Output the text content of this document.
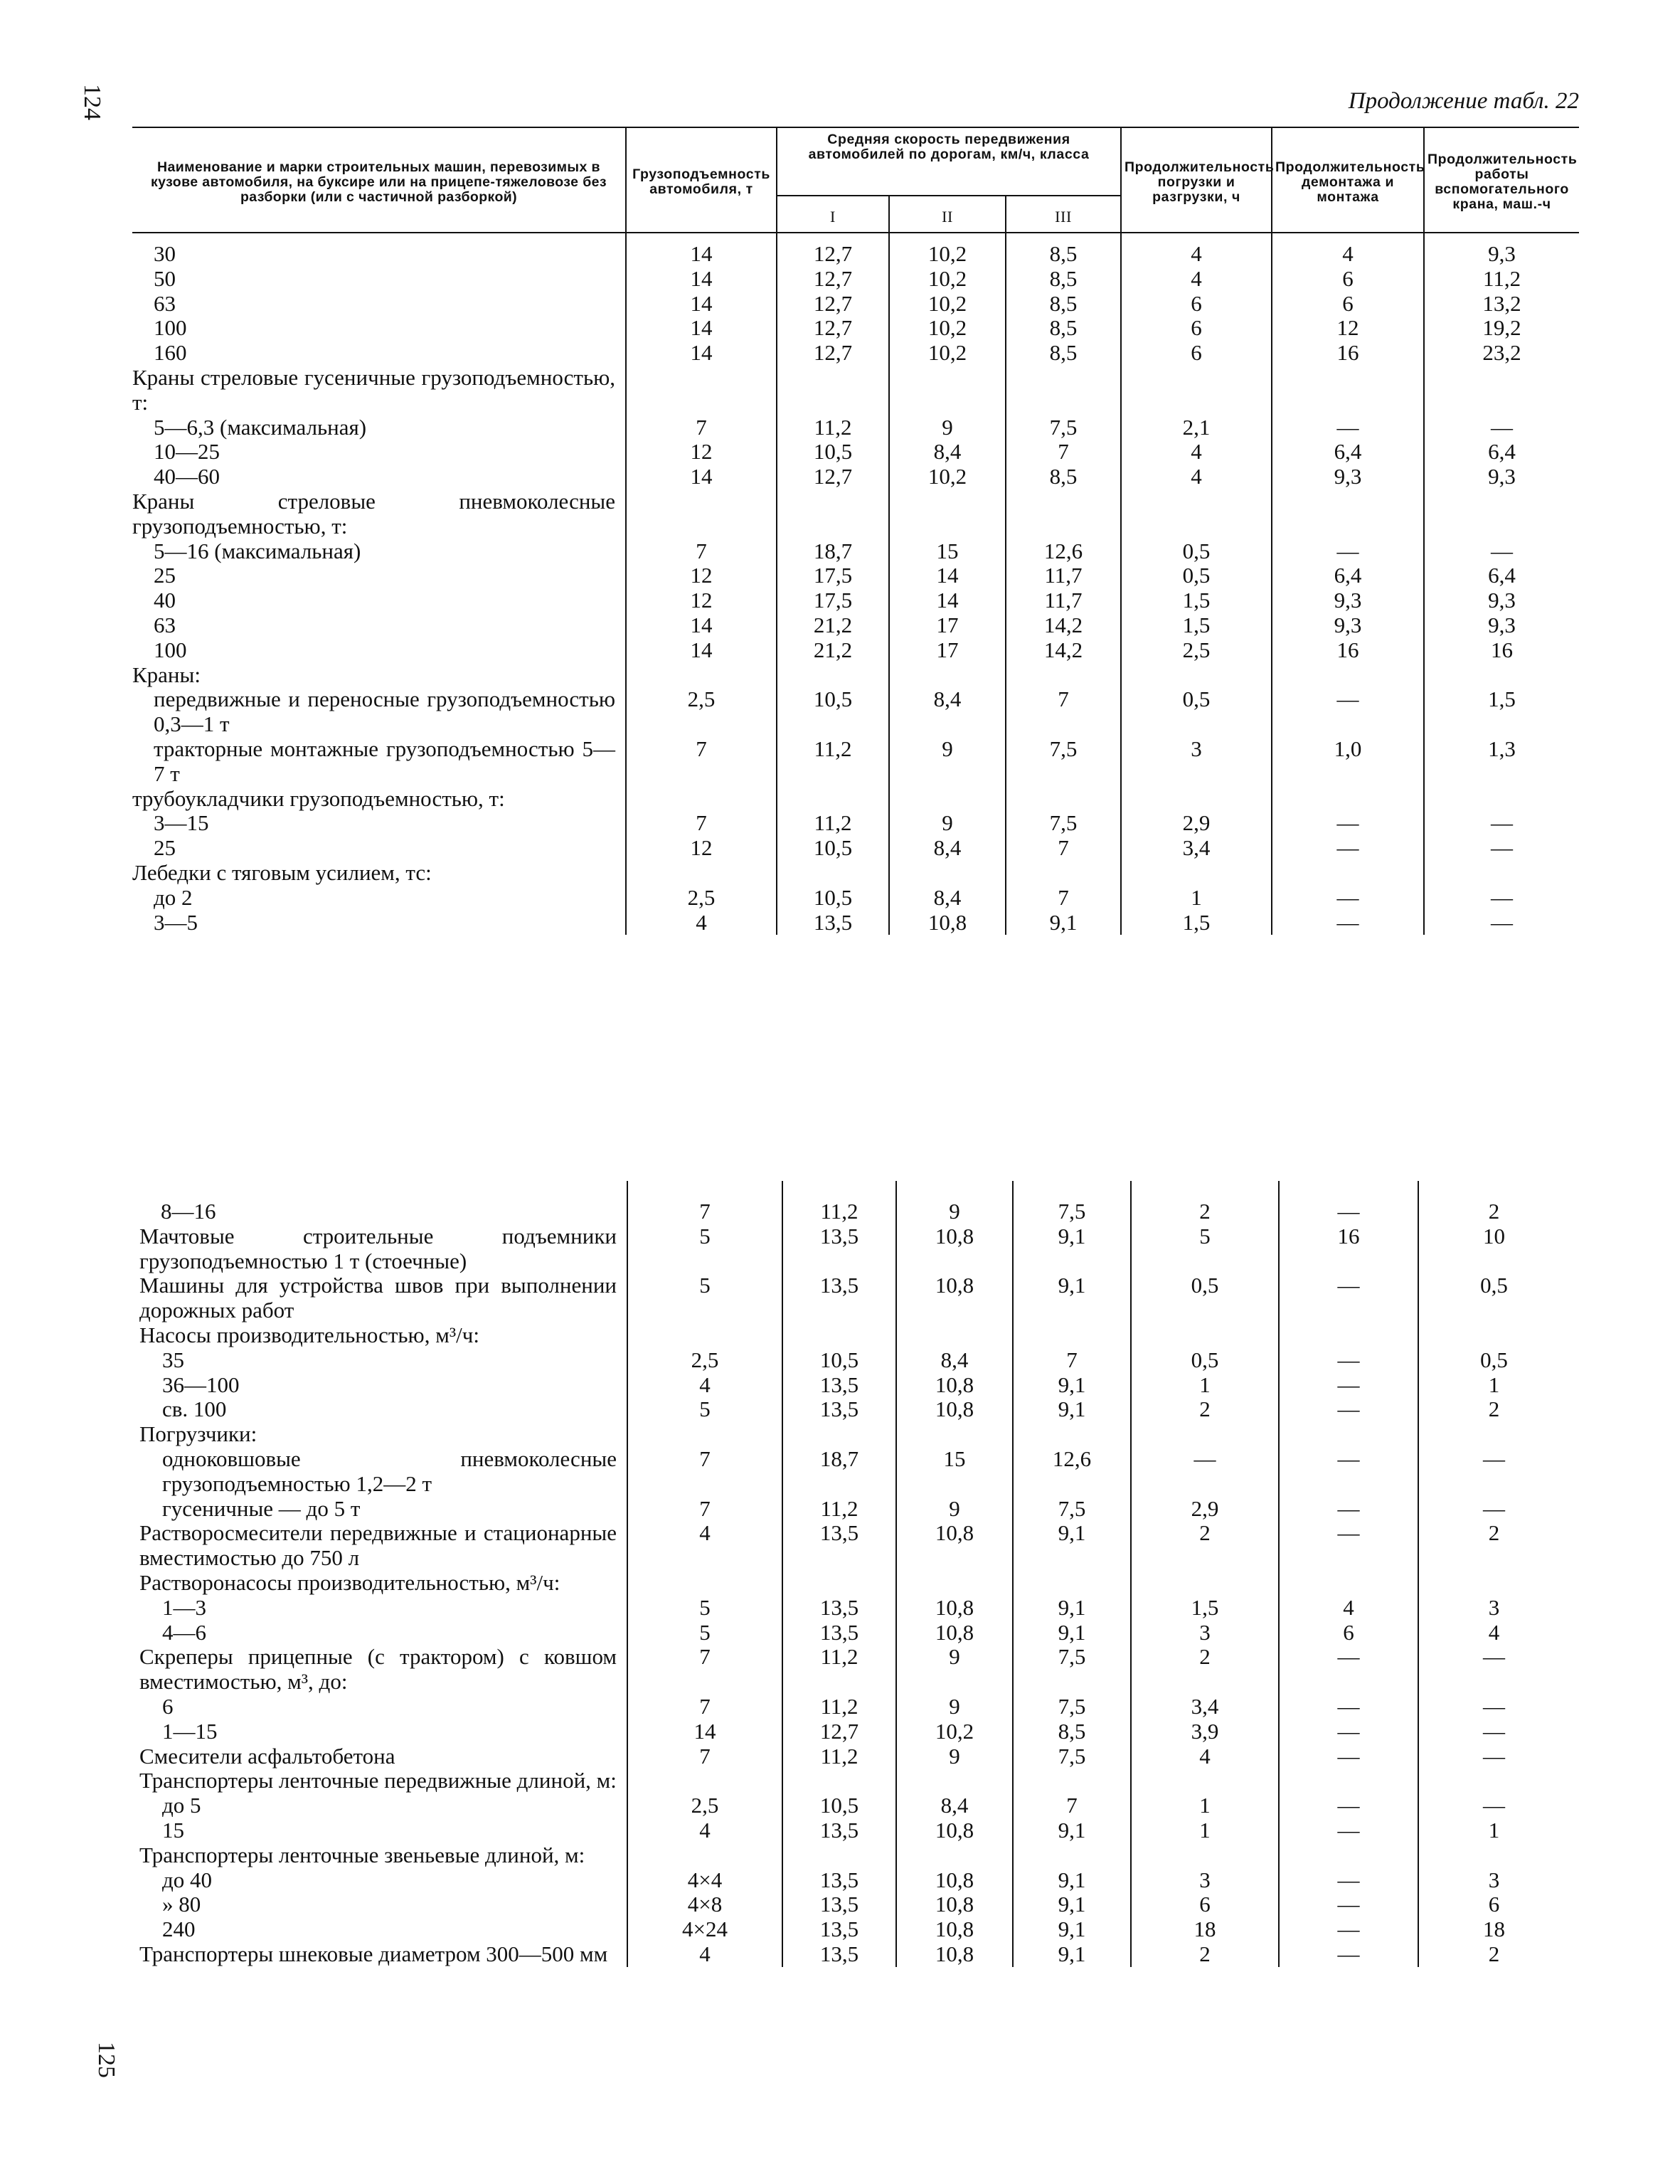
124	Продолжение табл. 22
Наименование и марки строительных машин, перевозимых в кузове автомобиля, на буксире или на прицепе-тяжеловозе без разборки (или с частичной разборкой)	Грузоподъемность автомобиля, т	Средняя скорость передвижения автомобилей по дорогам, км/ч, класса			Продолжительность погрузки и разгрузки, ч	Продолжительность демонтажа и монтажа	Продолжительность работы вспомогательного крана, маш.-ч
		I	II	III			

30	14	12,7	10,2	8,5	4	4	9,3

50	14	12,7	10,2	8,5	4	6	11,2

63	14	12,7	10,2	8,5	6	6	13,2

100	14	12,7	10,2	8,5	6	12	19,2

160	14	12,7	10,2	8,5	6	16	23,2

Краны стреловые гусеничные грузоподъемностью, т:							

5—6,3 (максимальная)	7	11,2	9	7,5	2,1	—	—

10—25	12	10,5	8,4	7	4	6,4	6,4

40—60	14	12,7	10,2	8,5	4	9,3	9,3

Краны стреловые пневмоколесные грузоподъемностью, т:							

5—16 (максимальная)	7	18,7	15	12,6	0,5	—	—

25	12	17,5	14	11,7	0,5	6,4	6,4

40	12	17,5	14	11,7	1,5	9,3	9,3

63	14	21,2	17	14,2	1,5	9,3	9,3

100	14	21,2	17	14,2	2,5	16	16

Краны:							

передвижные и переносные грузоподъемностью 0,3—1 т	2,5	10,5	8,4	7	0,5	—	1,5

тракторные монтажные грузоподъемностью 5—7 т	7	11,2	9	7,5	3	1,0	1,3

трубоукладчики грузоподъемностью, т:							

3—15	7	11,2	9	7,5	2,9	—	—

25	12	10,5	8,4	7	3,4	—	—

Лебедки с тяговым усилием, тс:							

до 2	2,5	10,5	8,4	7	1	—	—

3—5	4	13,5	10,8	9,1	1,5	—	—
8—16	7	11,2	9	7,5	2	—	2

Мачтовые строительные подъемники грузоподъемностью 1 т (стоечные)	5	13,5	10,8	9,1	5	16	10

Машины для устройства швов при выполнении дорожных работ	5	13,5	10,8	9,1	0,5	—	0,5

Насосы производительностью, м³/ч:							

35	2,5	10,5	8,4	7	0,5	—	0,5

36—100	4	13,5	10,8	9,1	1	—	1

св. 100	5	13,5	10,8	9,1	2	—	2

Погрузчики:							

одноковшовые пневмоколесные грузоподъемностью 1,2—2 т	7	18,7	15	12,6	—	—	—

гусеничные — до 5 т	7	11,2	9	7,5	2,9	—	—

Растворосмесители передвижные и стационарные вместимостью до 750 л	4	13,5	10,8	9,1	2	—	2

Растворонасосы производительностью, м³/ч:							

1—3	5	13,5	10,8	9,1	1,5	4	3

4—6	5	13,5	10,8	9,1	3	6	4

Скреперы прицепные (с трактором) с ковшом вместимостью, м³, до:	7	11,2	9	7,5	2	—	—

6	7	11,2	9	7,5	3,4	—	—

1—15	14	12,7	10,2	8,5	3,9	—	—

Смесители асфальтобетона	7	11,2	9	7,5	4	—	—

Транспортеры ленточные передвижные длиной, м:							

до 5	2,5	10,5	8,4	7	1	—	—

15	4	13,5	10,8	9,1	1	—	1

Транспортеры ленточные звеньевые длиной, м:							

до 40	4×4	13,5	10,8	9,1	3	—	3

» 80	4×8	13,5	10,8	9,1	6	—	6

240	4×24	13,5	10,8	9,1	18	—	18

Транспортеры шнековые диаметром 300—500 мм	4	13,5	10,8	9,1	2	—	2
125
